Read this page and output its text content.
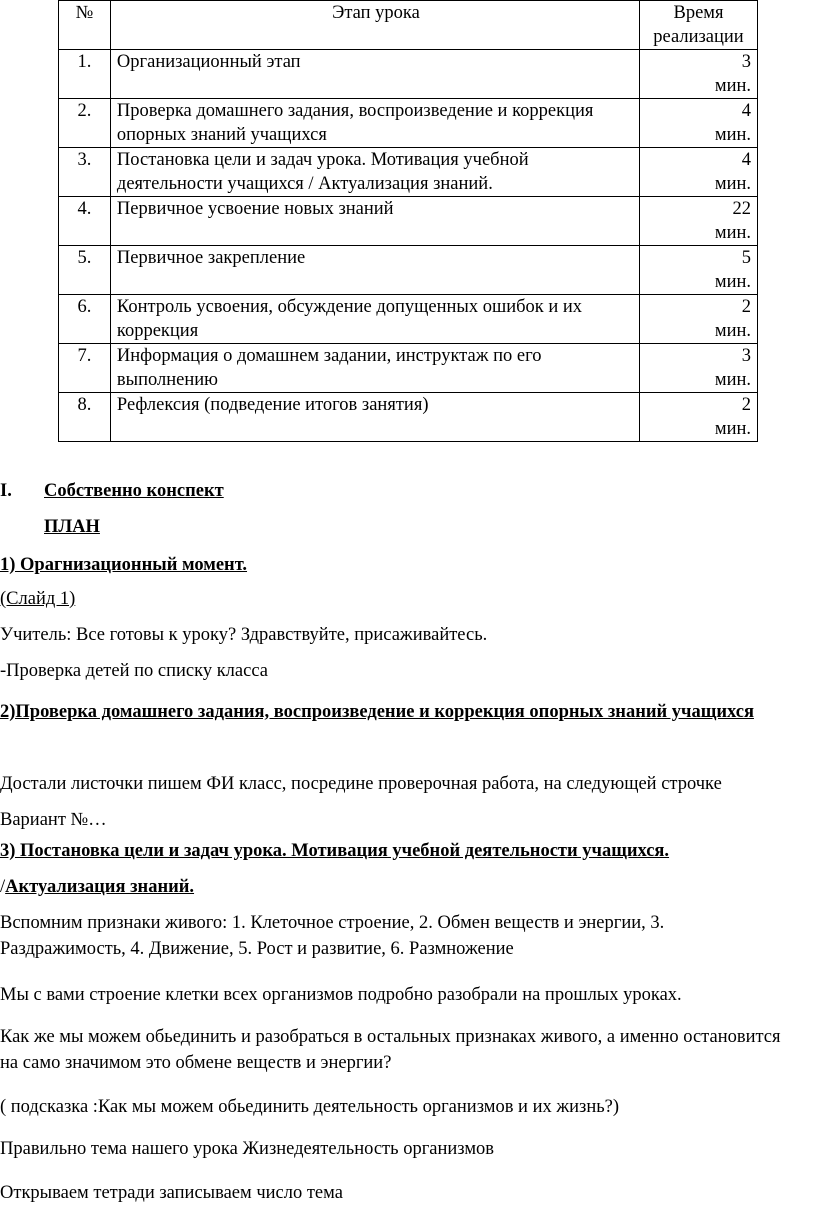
№	Этап урока	Время
реализации

1.	Организационный этап	3
мин.

2.	Проверка домашнего задания, воспроизведение и коррекция опорных знаний учащихся	4
мин.

3.	Постановка цели и задач урока. Мотивация учебной деятельности учащихся / Актуализация знаний.	4
мин.

4.	Первичное усвоение новых знаний	22
мин.

5.	Первичное закрепление	5
мин.

6.	Контроль усвоения, обсуждение допущенных ошибок и их коррекция	2
мин.

7.	Информация о домашнем задании, инструктаж по его выполнению	3
мин.

8.	Рефлексия (подведение итогов занятия)	2
мин.

I. Собственно конспект

ПЛАН

1) Орагнизационный момент.

(Слайд 1)

Учитель: Все готовы к уроку? Здравствуйте, присаживайтесь.

-Проверка детей по списку класса

2)Проверка домашнего задания, воспроизведение и коррекция опорных знаний учащихся

Достали листочки пишем ФИ класс, посредине проверочная работа, на следующей строчке Вариант №…

3) Постановка цели и задач урока. Мотивация учебной деятельности учащихся.

/Актуализация знаний.

Вспомним признаки живого: 1. Клеточное строение, 2. Обмен веществ и энергии, 3. Раздражимость, 4. Движение, 5. Рост и развитие, 6. Размножение

Мы с вами строение клетки всех организмов подробно разобрали на прошлых уроках.

Как же мы можем обьединить и разобраться в остальных признаках живого, а именно остановится на само значимом это обмене веществ и энергии?

( подсказка :Как мы можем обьединить деятельность организмов и их жизнь?)

Правильно тема нашего урока Жизнедеятельность организмов

Открываем тетради записываем число тема
